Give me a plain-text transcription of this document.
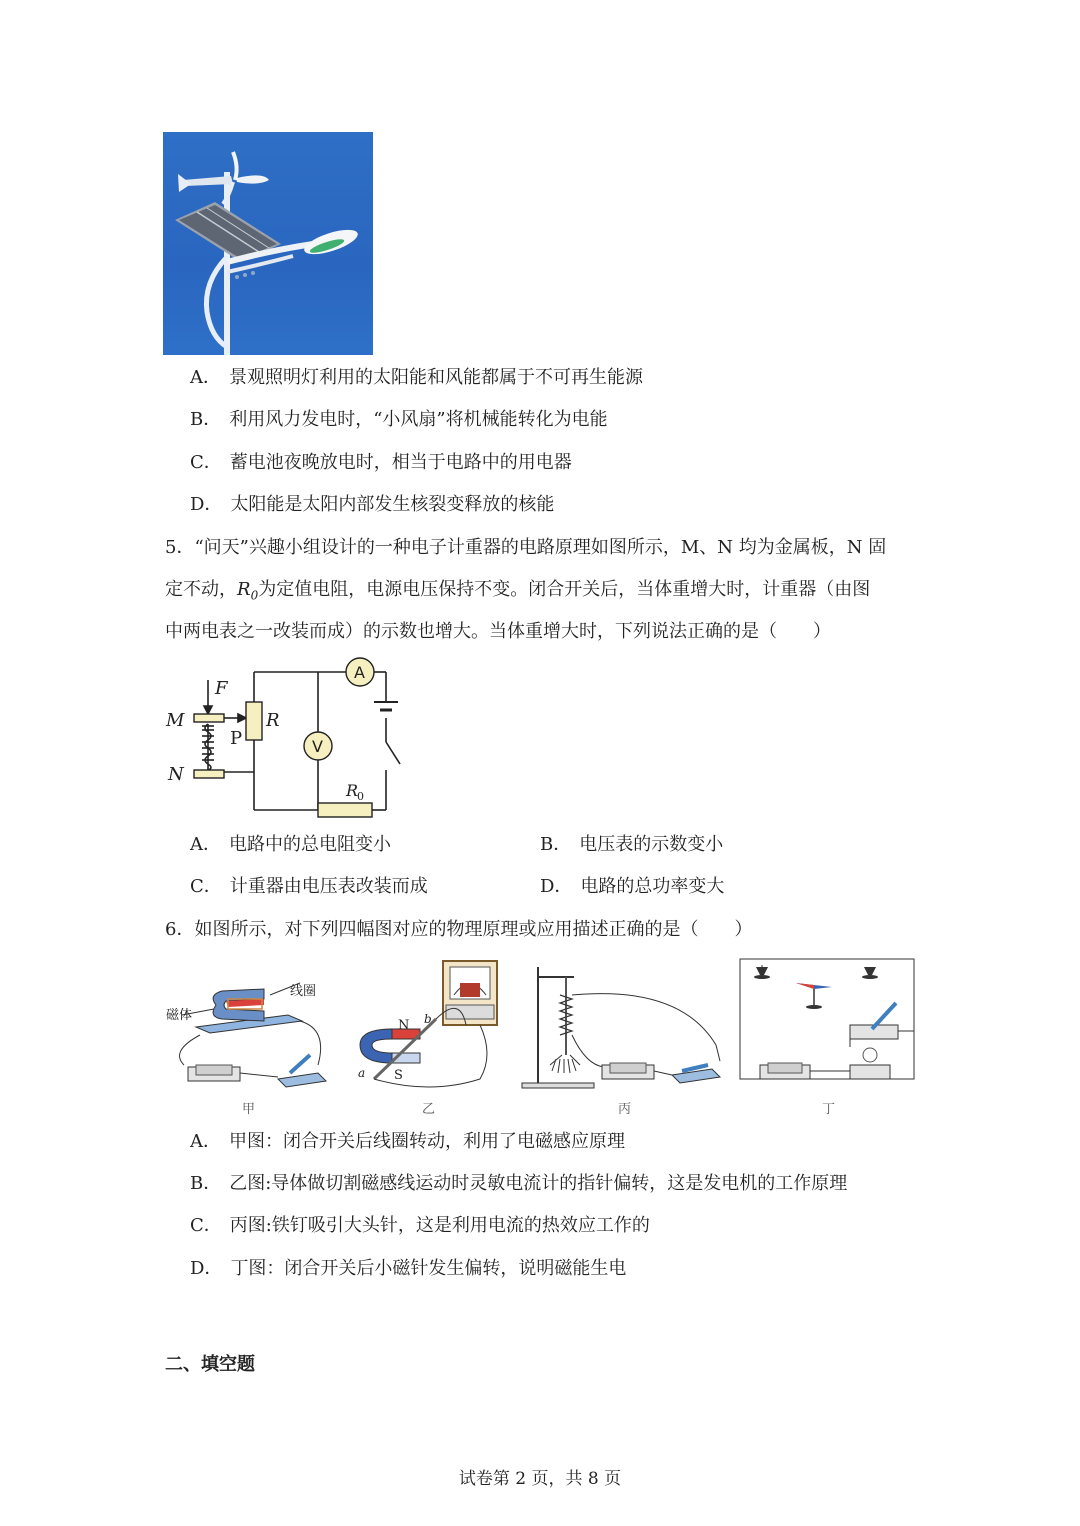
A． 景观照明灯利用的太阳能和风能都属于不可再生能源
B． 利用风力发电时，“小风扇”将机械能转化为电能
C． 蓄电池夜晚放电时，相当于电路中的用电器
D． 太阳能是太阳内部发生核裂变释放的核能
5．“问天”兴趣小组设计的一种电子计重器的电路原理如图所示，M、N 均为金属板，N 固
定不动，$R_0$为定值电阻，电源电压保持不变。闭合开关后，当体重增大时，计重器（由图
中两电表之一改装而成）的示数也增大。当体重增大时，下列说法正确的是（　　）
A
V
F
M
N
R
P
R
0
A． 电路中的总电阻变小	B． 电压表的示数变小
C． 计重器由电压表改装而成	D． 电路的总功率变大
6．如图所示，对下列四幅图对应的物理原理或应用描述正确的是（　　）
磁体
线圈
甲
N
S
a
b
乙	丙	丁
A． 甲图：闭合开关后线圈转动，利用了电磁感应原理
B． 乙图:导体做切割磁感线运动时灵敏电流计的指针偏转，这是发电机的工作原理
C． 丙图:铁钉吸引大头针，这是利用电流的热效应工作的
D． 丁图：闭合开关后小磁针发生偏转，说明磁能生电
二、填空题
试卷第 2 页，共 8 页
